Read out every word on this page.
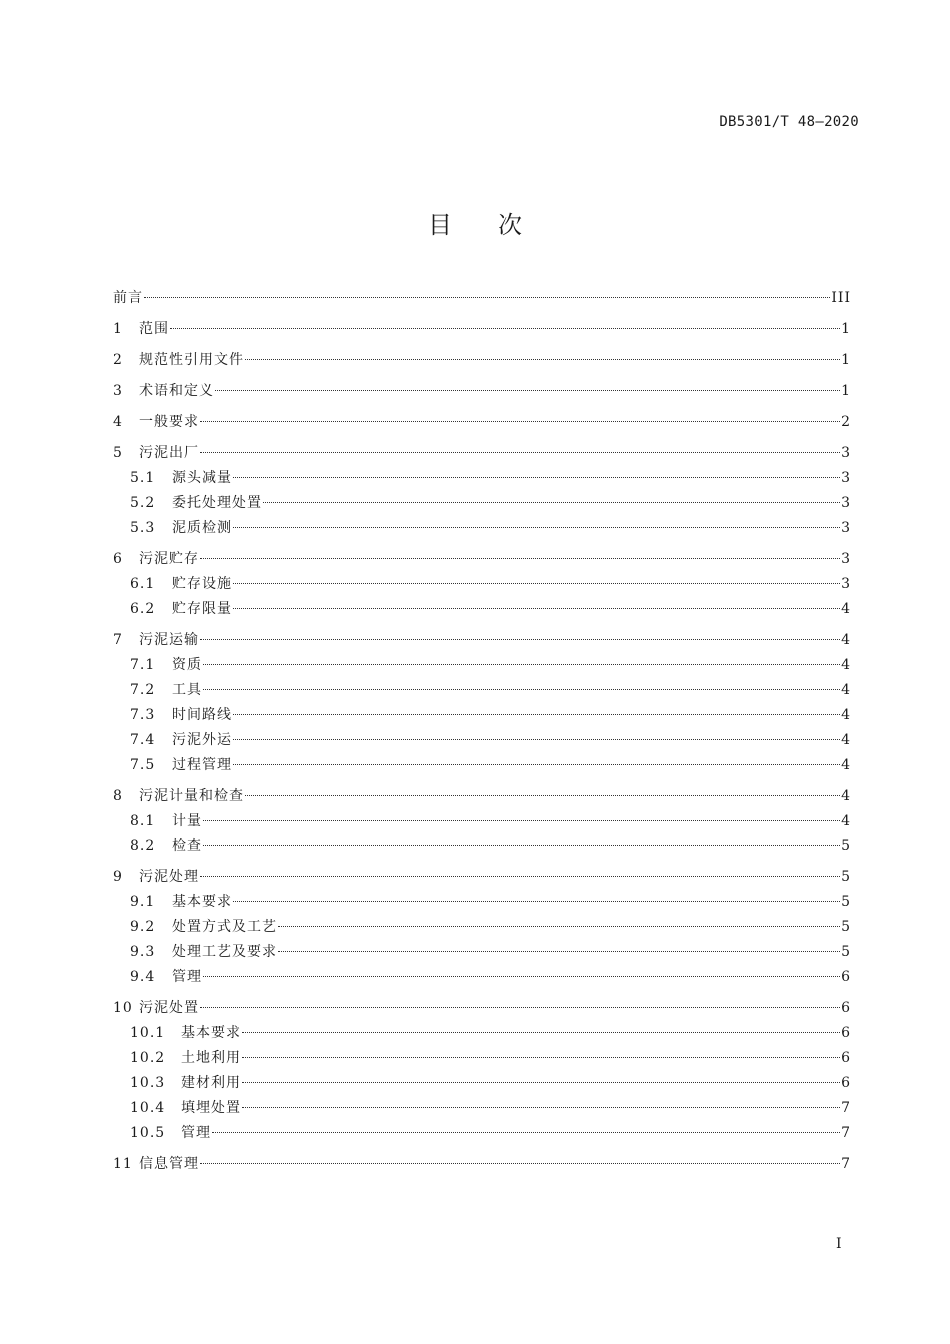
DB5301/T 48—2020
目次
前言	III
1	范围	1
2	规范性引用文件	1
3	术语和定义	1
4	一般要求	2
5	污泥出厂	3
5.1	源头减量	3
5.2	委托处理处置	3
5.3	泥质检测	3
6	污泥贮存	3
6.1	贮存设施	3
6.2	贮存限量	4
7	污泥运输	4
7.1	资质	4
7.2	工具	4
7.3	时间路线	4
7.4	污泥外运	4
7.5	过程管理	4
8	污泥计量和检查	4
8.1	计量	4
8.2	检查	5
9	污泥处理	5
9.1	基本要求	5
9.2	处置方式及工艺	5
9.3	处理工艺及要求	5
9.4	管理	6
10 污泥处置	6
10.1	基本要求	6
10.2	土地利用	6
10.3	建材利用	6
10.4	填埋处置	7
10.5	管理	7
11 信息管理	7
I
